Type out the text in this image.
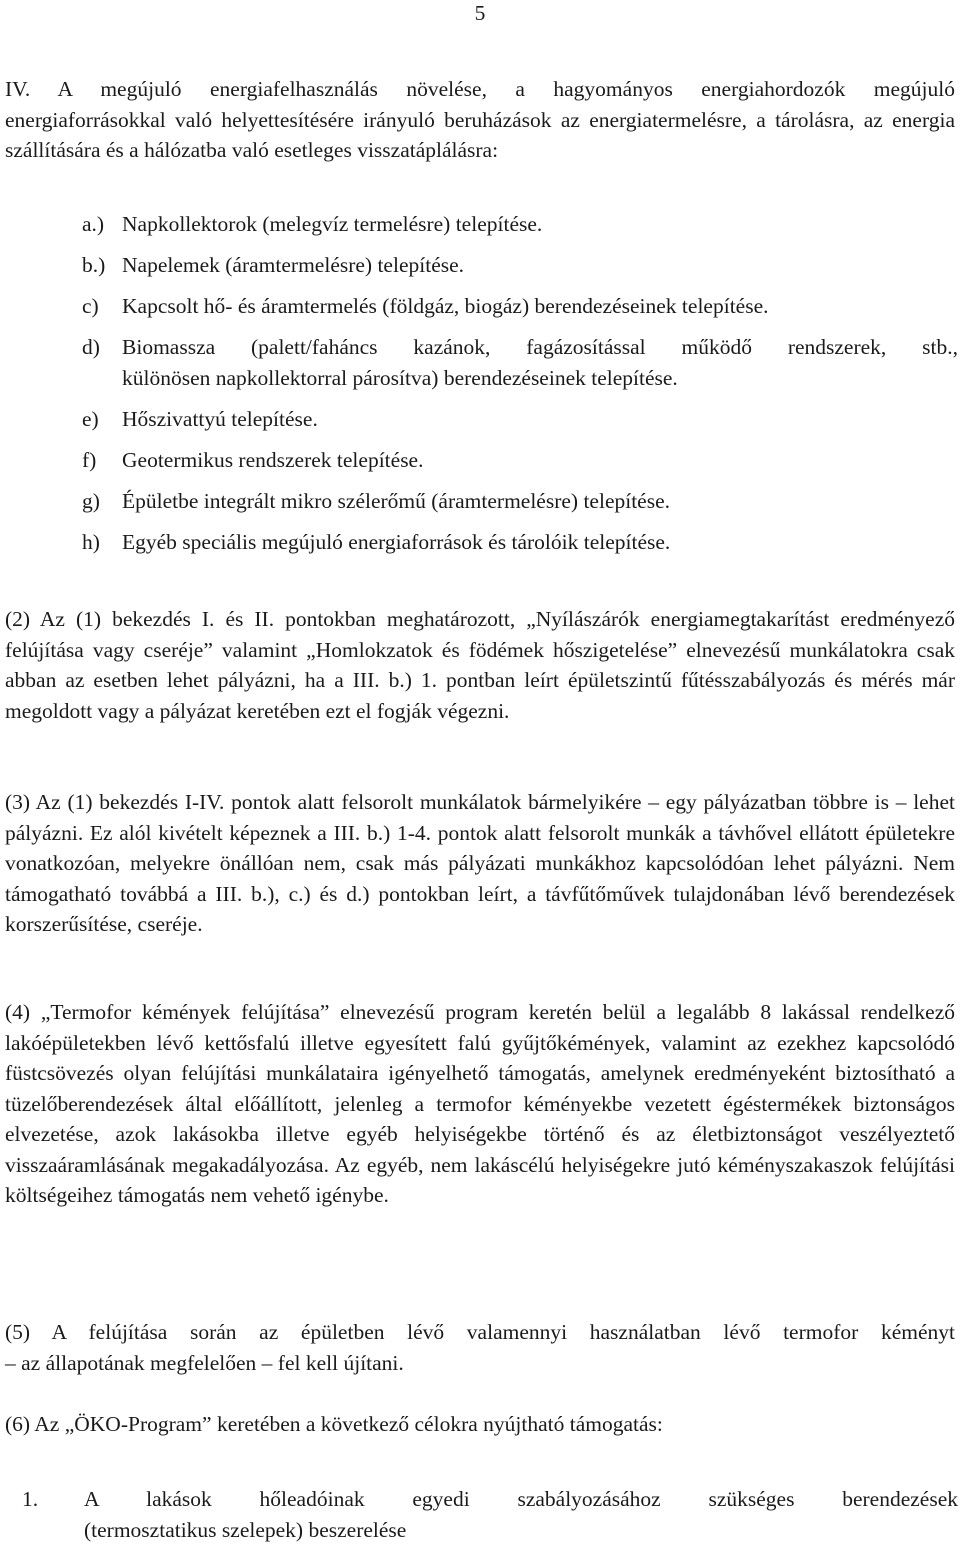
5
IV. A megújuló energiafelhasználás növelése, a hagyományos energiahordozók megújuló
energiaforrásokkal való helyettesítésére irányuló beruházások az energiatermelésre, a tárolásra, az energia szállítására és a hálózatba való esetleges visszatáplálásra:
a.) Napkollektorok (melegvíz termelésre) telepítése.
b.) Napelemek (áramtermelésre) telepítése.
c) Kapcsolt hő- és áramtermelés (földgáz, biogáz) berendezéseinek telepítése.
d) Biomassza (palett/faháncs kazánok, fagázosítással működő rendszerek, stb.,
különösen napkollektorral párosítva) berendezéseinek telepítése.
e) Hőszivattyú telepítése.
f) Geotermikus rendszerek telepítése.
g) Épületbe integrált mikro szélerőmű (áramtermelésre) telepítése.
h) Egyéb speciális megújuló energiaforrások és tárolóik telepítése.

(2) Az (1) bekezdés I. és II. pontokban meghatározott, „Nyílászárók energiamegtakarítást eredményező felújítása vagy cseréje” valamint „Homlokzatok és födémek hőszigetelése” elnevezésű munkálatokra csak abban az esetben lehet pályázni, ha a III. b.) 1. pontban leírt épületszintű fűtésszabályozás és mérés már megoldott vagy a pályázat keretében ezt el fogják végezni.

(3) Az (1) bekezdés I-IV. pontok alatt felsorolt munkálatok bármelyikére – egy pályázatban többre is – lehet pályázni. Ez alól kivételt képeznek a III. b.) 1-4. pontok alatt felsorolt munkák a távhővel ellátott épületekre vonatkozóan, melyekre önállóan nem, csak más pályázati munkákhoz kapcsolódóan lehet pályázni. Nem támogatható továbbá a III. b.), c.) és d.) pontokban leírt, a távfűtőművek tulajdonában lévő berendezések korszerűsítése, cseréje.

(4) „Termofor kémények felújítása” elnevezésű program keretén belül a legalább 8 lakással rendelkező lakóépületekben lévő kettősfalú illetve egyesített falú gyűjtőkémények, valamint az ezekhez kapcsolódó füstcsövezés olyan felújítási munkálataira igényelhető támogatás, amelynek eredményeként biztosítható a tüzelőberendezések által előállított, jelenleg a termofor kéményekbe vezetett égéstermékek biztonságos elvezetése, azok lakásokba illetve egyéb helyiségekbe történő és az életbiztonságot veszélyeztető visszaáramlásának megakadályozása. Az egyéb, nem lakáscélú helyiségekre jutó kéményszakaszok felújítási költségeihez támogatás nem vehető igénybe.

(5) A felújítása során az épületben lévő valamennyi használatban lévő termofor kéményt
– az állapotának megfelelően – fel kell újítani.

(6) Az „ÖKO-Program” keretében a következő célokra nyújtható támogatás:

1. A lakások hőleadóinak egyedi szabályozásához szükséges berendezések
(termosztatikus szelepek) beszerelése
